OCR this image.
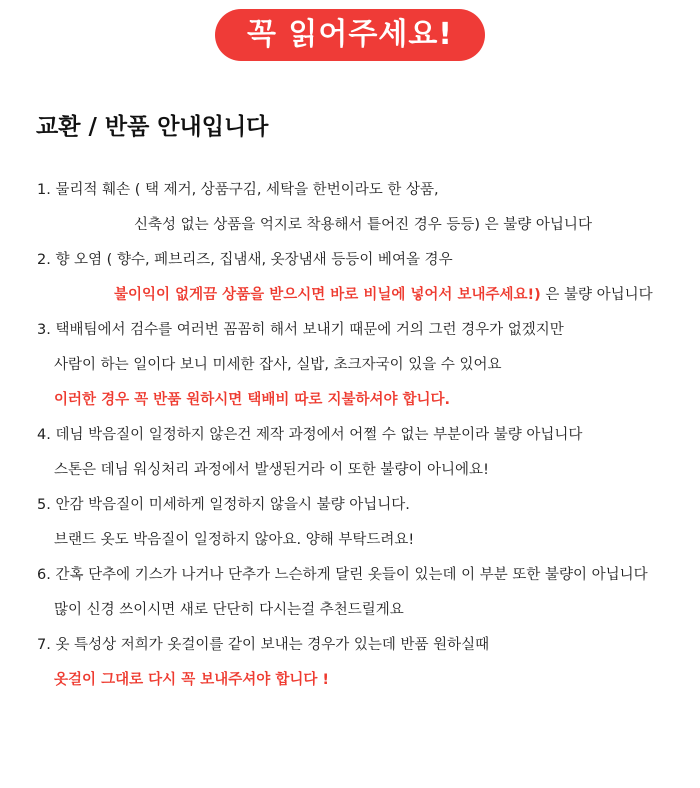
꼭 읽어주세요!
교환 / 반품 안내입니다
1. 물리적 훼손 ( 택 제거, 상품구김, 세탁을 한번이라도 한 상품,
신축성 없는 상품을 억지로 착용해서 틑어진 경우 등등) 은 불량 아닙니다
2. 향 오염 ( 향수, 페브리즈, 집냄새, 옷장냄새 등등이 베여올 경우
불이익이 없게끔 상품을 받으시면 바로 비닐에 넣어서 보내주세요!) 은 불량 아닙니다
3. 택배팀에서 검수를 여러번 꼼꼼히 해서 보내기 때문에 거의 그런 경우가 없겠지만
사람이 하는 일이다 보니 미세한 잡사, 실밥, 초크자국이 있을 수 있어요
이러한 경우 꼭 반품 원하시면 택배비 따로 지불하셔야 합니다.
4. 데님 박음질이 일정하지 않은건 제작 과정에서 어쩔 수 없는 부분이라 불량 아닙니다
스톤은 데님 워싱처리 과정에서 발생된거라 이 또한 불량이 아니에요!
5. 안감 박음질이 미세하게 일정하지 않을시 불량 아닙니다.
브랜드 옷도 박음질이 일정하지 않아요. 양해 부탁드려요!
6. 간혹 단추에 기스가 나거나 단추가 느슨하게 달린 옷들이 있는데 이 부분 또한 불량이 아닙니다
많이 신경 쓰이시면 새로 단단히 다시는걸 추천드릴게요
7. 옷 특성상 저희가 옷걸이를 같이 보내는 경우가 있는데 반품 원하실때
옷걸이 그대로 다시 꼭 보내주셔야 합니다 !
